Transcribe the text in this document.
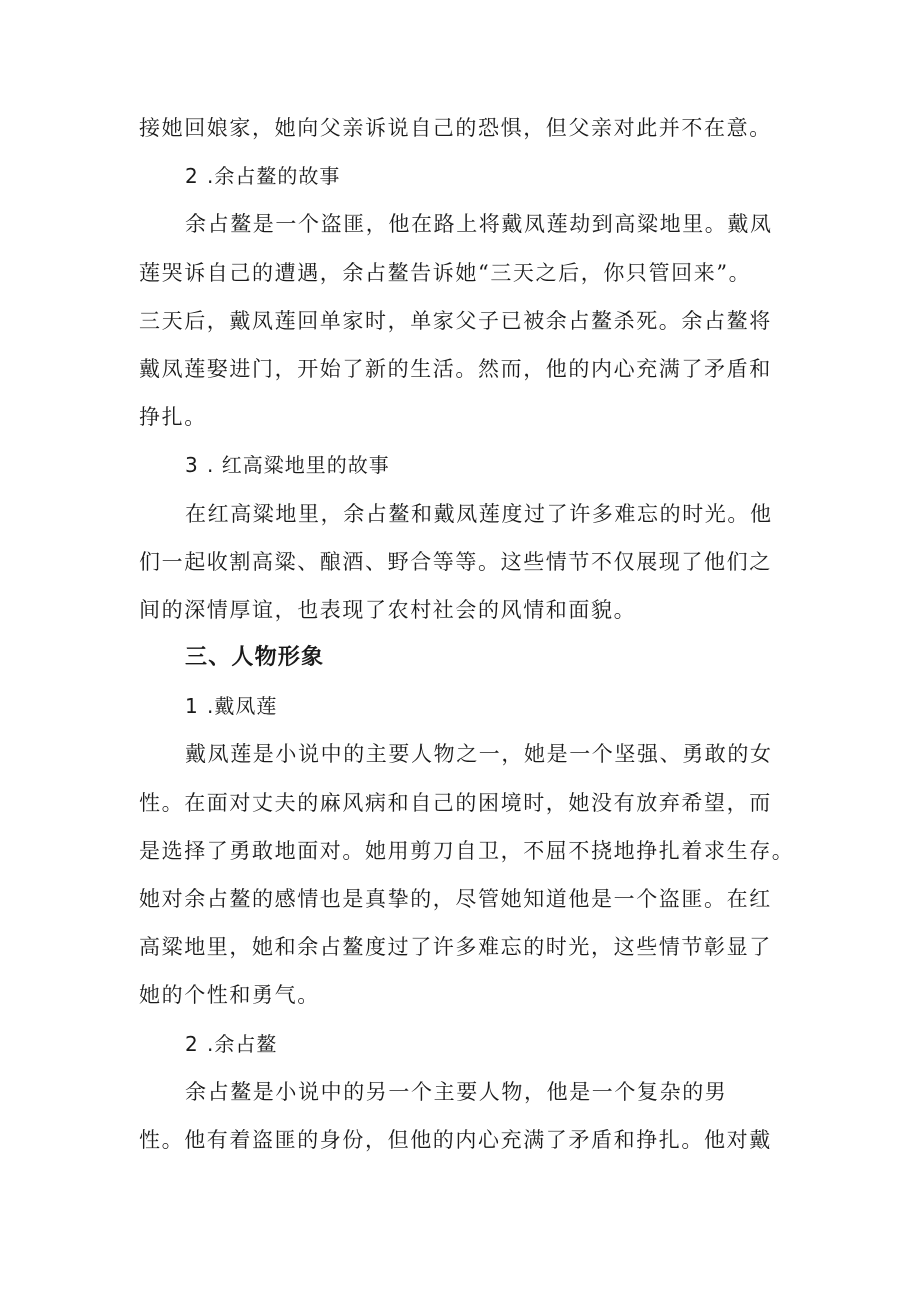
接她回娘家，她向父亲诉说自己的恐惧，但父亲对此并不在意。
2 .余占鳌的故事
余占鳌是一个盗匪，他在路上将戴凤莲劫到高粱地里。戴凤
莲哭诉自己的遭遇，余占鳌告诉她“三天之后，你只管回来”。
三天后，戴凤莲回单家时，单家父子已被余占鳌杀死。余占鳌将
戴凤莲娶进门，开始了新的生活。然而，他的内心充满了矛盾和
挣扎。
3 . 红高粱地里的故事
在红高粱地里，余占鳌和戴凤莲度过了许多难忘的时光。他
们一起收割高粱、酿酒、野合等等。这些情节不仅展现了他们之
间的深情厚谊，也表现了农村社会的风情和面貌。
三、人物形象
1 .戴凤莲
戴凤莲是小说中的主要人物之一，她是一个坚强、勇敢的女
性。在面对丈夫的麻风病和自己的困境时，她没有放弃希望，而
是选择了勇敢地面对。她用剪刀自卫，不屈不挠地挣扎着求生存。
她对余占鳌的感情也是真挚的，尽管她知道他是一个盗匪。在红
高粱地里，她和余占鳌度过了许多难忘的时光，这些情节彰显了
她的个性和勇气。
2 .余占鳌
余占鳌是小说中的另一个主要人物，他是一个复杂的男
性。他有着盗匪的身份，但他的内心充满了矛盾和挣扎。他对戴
